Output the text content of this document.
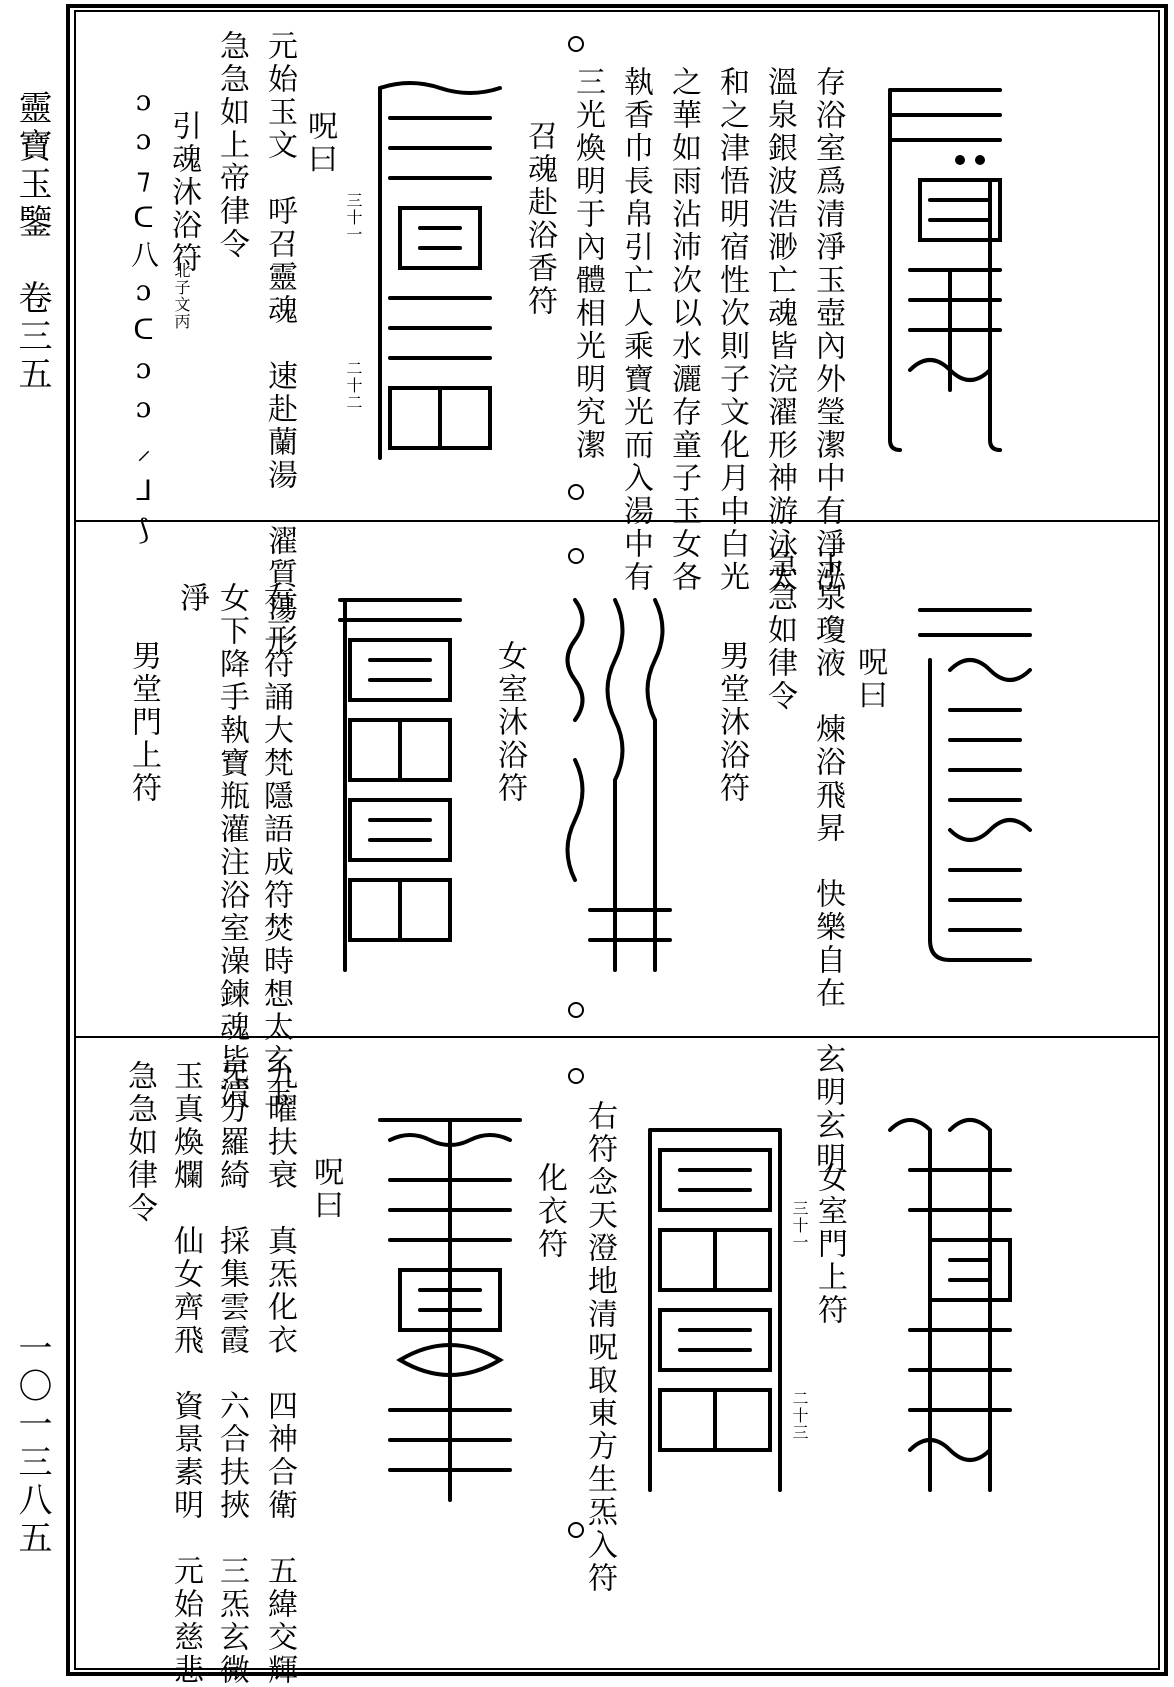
靈寶玉鑒　卷三五
一〇一三八五
存浴室爲清淨玉壺內外瑩潔中有淨泓
溫泉銀波浩渺亡魂皆浣濯形神游泳太
和之津悟明宿性次則子文化月中白光
之華如雨沾沛次以水灑存童子玉女各
執香巾長帛引亡人乘寶光而入湯中有
三光煥明于內體相光明究潔
召魂赴浴香符
三十一
二十二
呪曰
元始玉文　呼召靈魂　速赴蘭湯　濯質蕩形
急急如上帝律令
引魂沐浴符
北子文丙
ɔɔ⁊ᑕ八ɔᑕɔɔ⸝ᒧ⟆
呪曰
玉泉瓊液　煉浴飛昇　快樂自在　玄明玄明
急急如律令
男堂沐浴符
女室沐浴符
右二符誦大梵隱語成符焚時想太玄玉
女下降手執寶瓶灌注浴室澡鍊魂皆清
淨
男堂門上符
女室門上符
三十一
二十三
右符念天澄地清呪取東方生炁入符
化衣符
呪曰
九曜扶衰　真炁化衣　四神合衛　五緯交輝
炁分羅綺　採集雲霞　六合扶挾　三炁玄微
玉真煥爛　仙女齊飛　資景素明　元始慈悲
急急如律令
